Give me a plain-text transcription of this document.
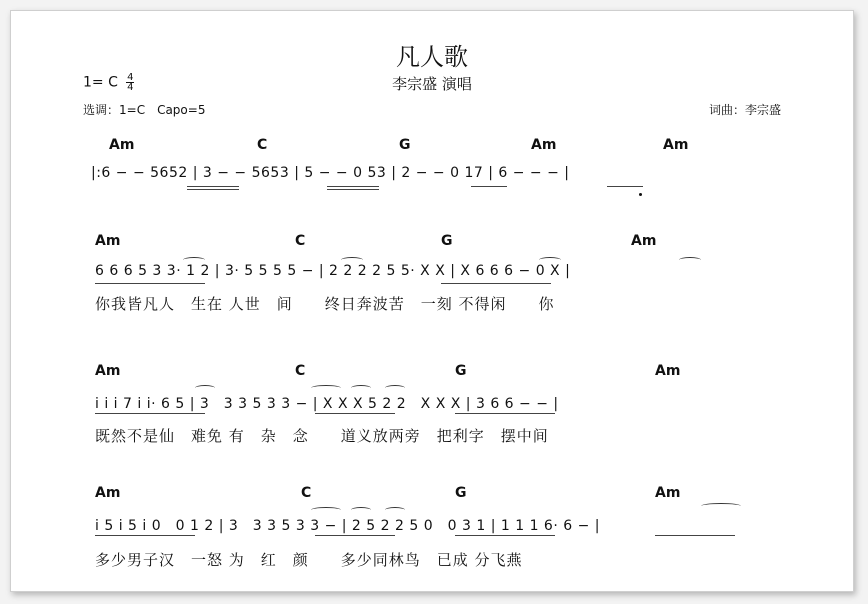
凡人歌
李宗盛 演唱
1= C $\frac{4}{4}$
选调：1=C　Capo=5	词曲：李宗盛
Am	C	G	Am	Am
|:6 − − 5652 | 3 − − 5653 | 5 − − 0 53 | 2 − − 0 17 | 6 − − − |
Am	C	G	Am
6 6 6 5 3 3· 1 2 | 3· 5 5 5 5 − | 2 2 2 2 5 5· X X | X 6 6 6 − 0 X |
你我皆凡人　生在 人世　间　　终日奔波苦　一刻 不得闲　　你
Am	C	G	Am
i i i 7 i i· 6 5 | 3　3 3 5 3 3 − | X X X 5 2 2　X X X | 3 6 6 − − |
既然不是仙　难免 有　杂　念　　道义放两旁　把利字　摆中间
Am	C	G	Am
i 5 i 5 i 0　0 1 2 | 3　3 3 5 3 3 − | 2 5 2 2 5 0　0 3 1 | 1 1 1 6· 6 − |
多少男子汉　一怒 为　红　颜　　多少同林鸟　已成 分飞燕
